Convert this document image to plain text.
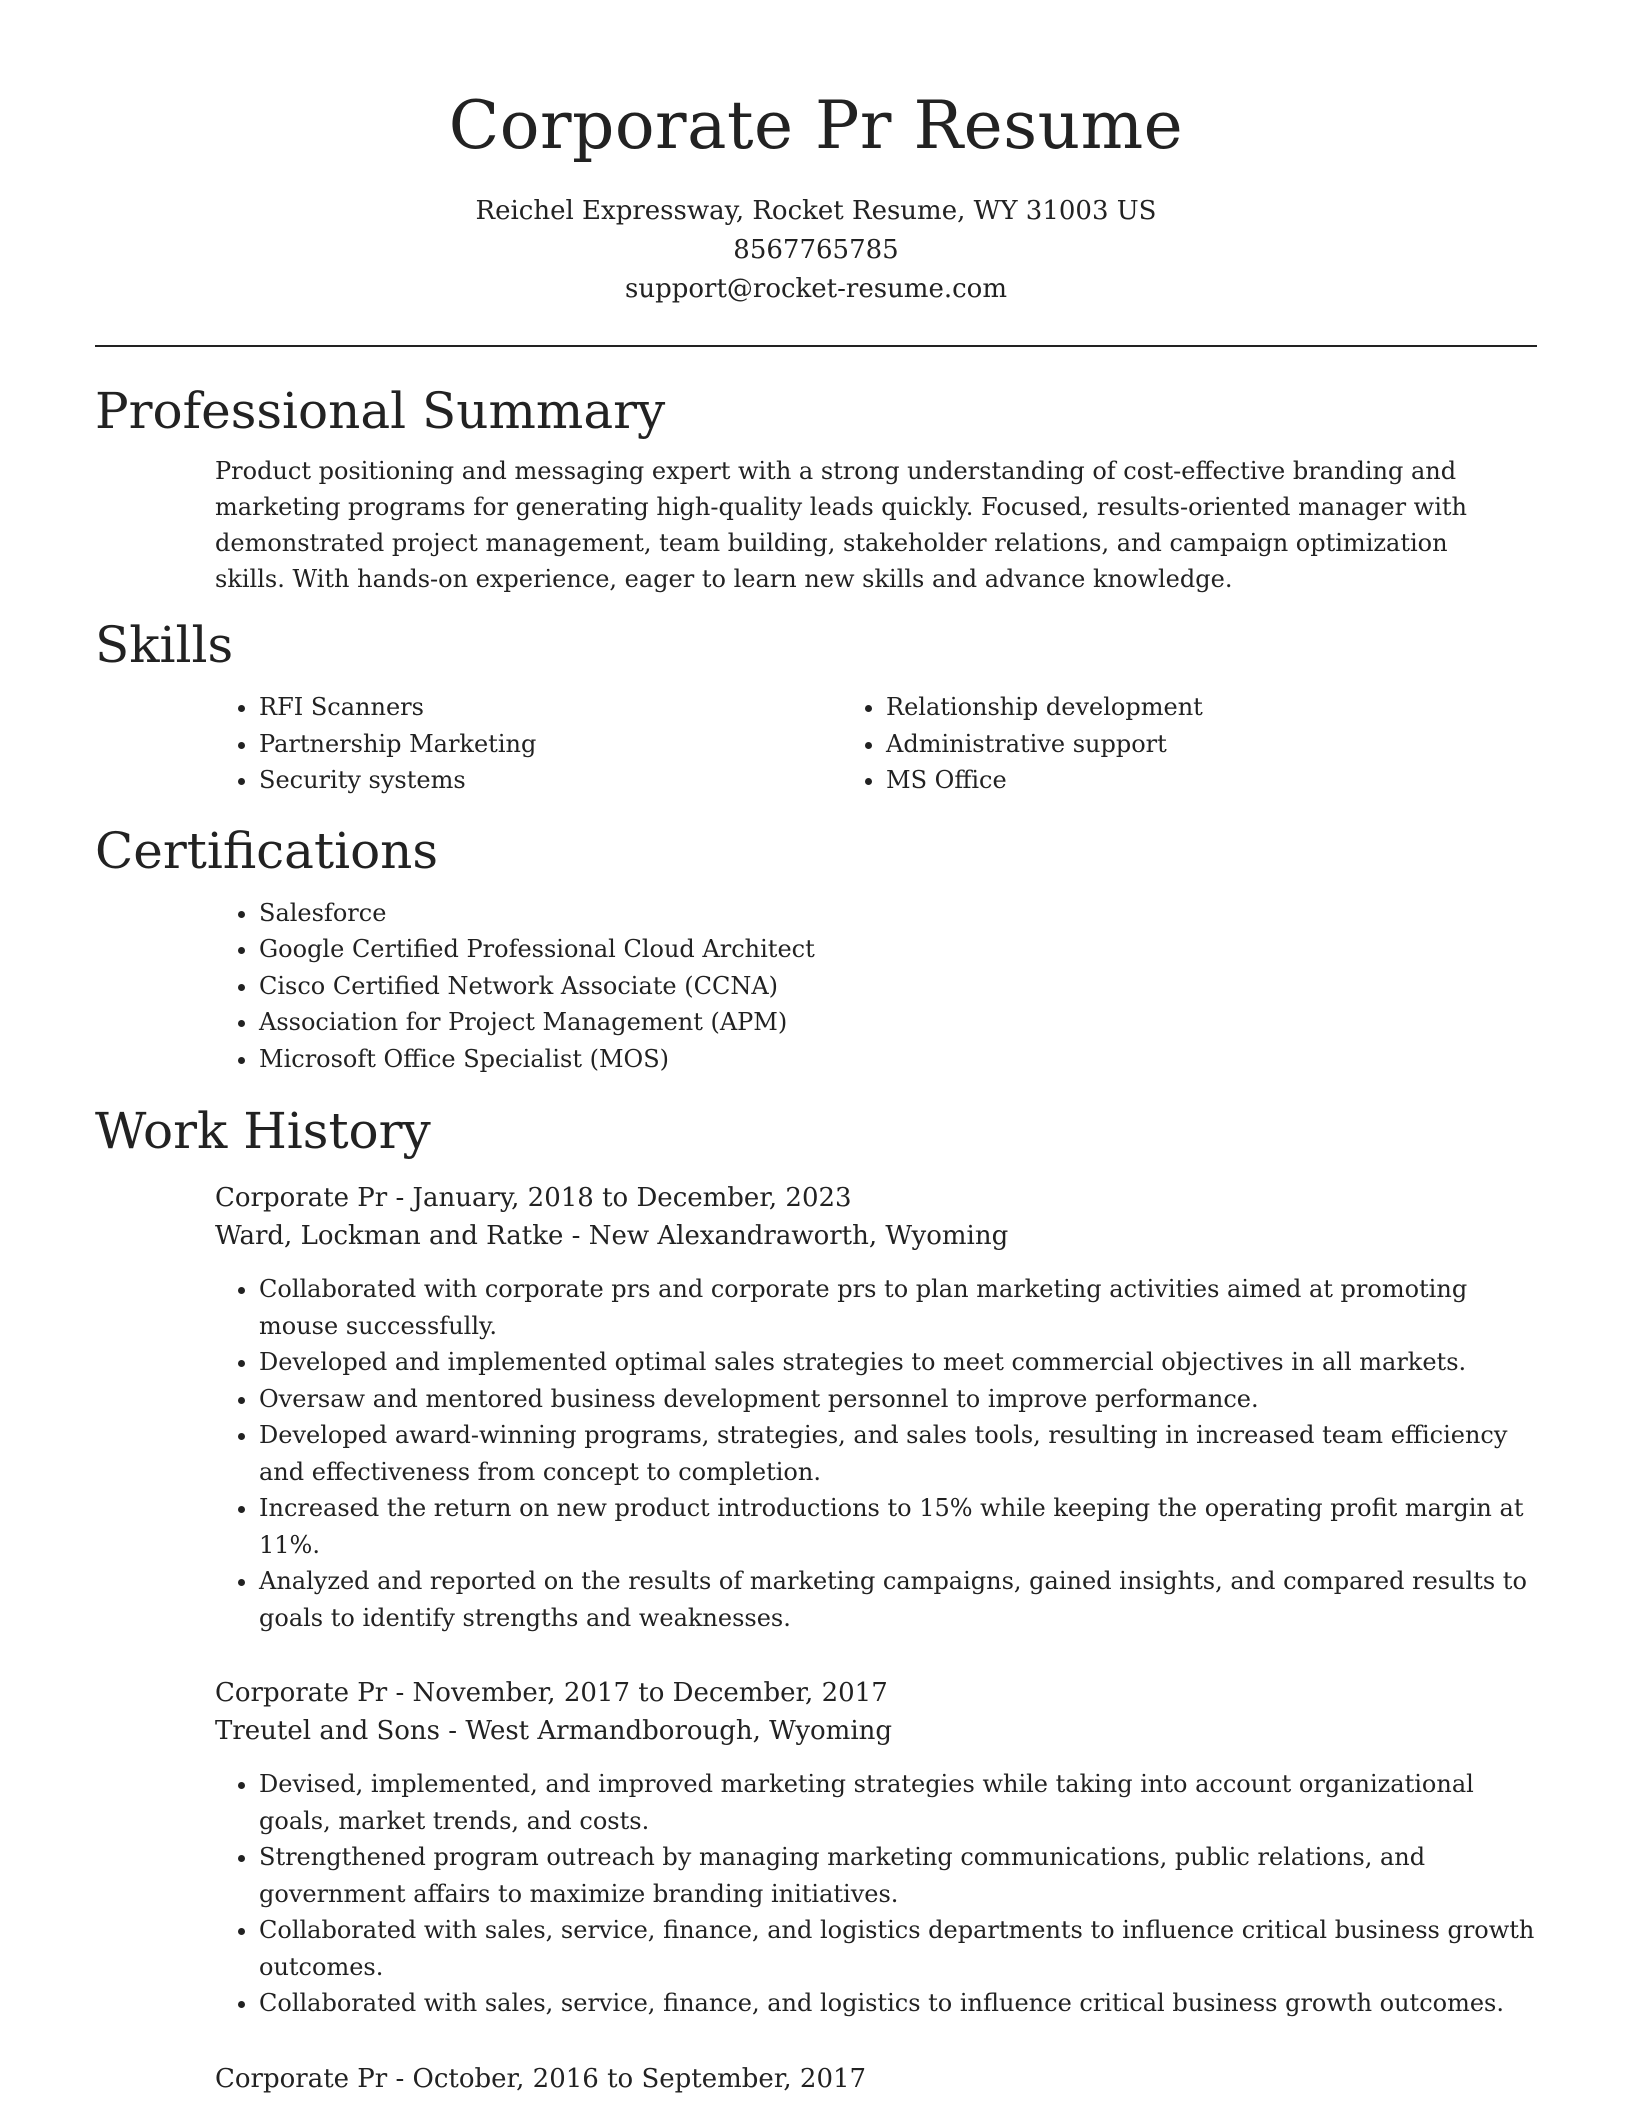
Corporate Pr Resume
Reichel Expressway, Rocket Resume, WY 31003 US
8567765785
support@rocket-resume.com
Professional Summary

Product positioning and messaging expert with a strong understanding of cost-effective branding and marketing programs for generating high-quality leads quickly. Focused, results-oriented manager with demonstrated project management, team building, stakeholder relations, and campaign optimization skills. With hands-on experience, eager to learn new skills and advance knowledge.

Skills
• RFI Scanners
• Partnership Marketing
• Security systems
• Relationship development
• Administrative support
• MS Office
Certifications
• Salesforce
• Google Certified Professional Cloud Architect
• Cisco Certified Network Associate (CCNA)
• Association for Project Management (APM)
• Microsoft Office Specialist (MOS)
Work History
Corporate Pr - January, 2018 to December, 2023
Ward, Lockman and Ratke - New Alexandraworth, Wyoming
• Collaborated with corporate prs and corporate prs to plan marketing activities aimed at promoting mouse successfully.
• Developed and implemented optimal sales strategies to meet commercial objectives in all markets.
• Oversaw and mentored business development personnel to improve performance.
• Developed award-winning programs, strategies, and sales tools, resulting in increased team efficiency and effectiveness from concept to completion.
• Increased the return on new product introductions to 15% while keeping the operating profit margin at 11%.
• Analyzed and reported on the results of marketing campaigns, gained insights, and compared results to goals to identify strengths and weaknesses.
Corporate Pr - November, 2017 to December, 2017
Treutel and Sons - West Armandborough, Wyoming
• Devised, implemented, and improved marketing strategies while taking into account organizational goals, market trends, and costs.
• Strengthened program outreach by managing marketing communications, public relations, and government affairs to maximize branding initiatives.
• Collaborated with sales, service, finance, and logistics departments to influence critical business growth outcomes.
• Collaborated with sales, service, finance, and logistics to influence critical business growth outcomes.
Corporate Pr - October, 2016 to September, 2017
